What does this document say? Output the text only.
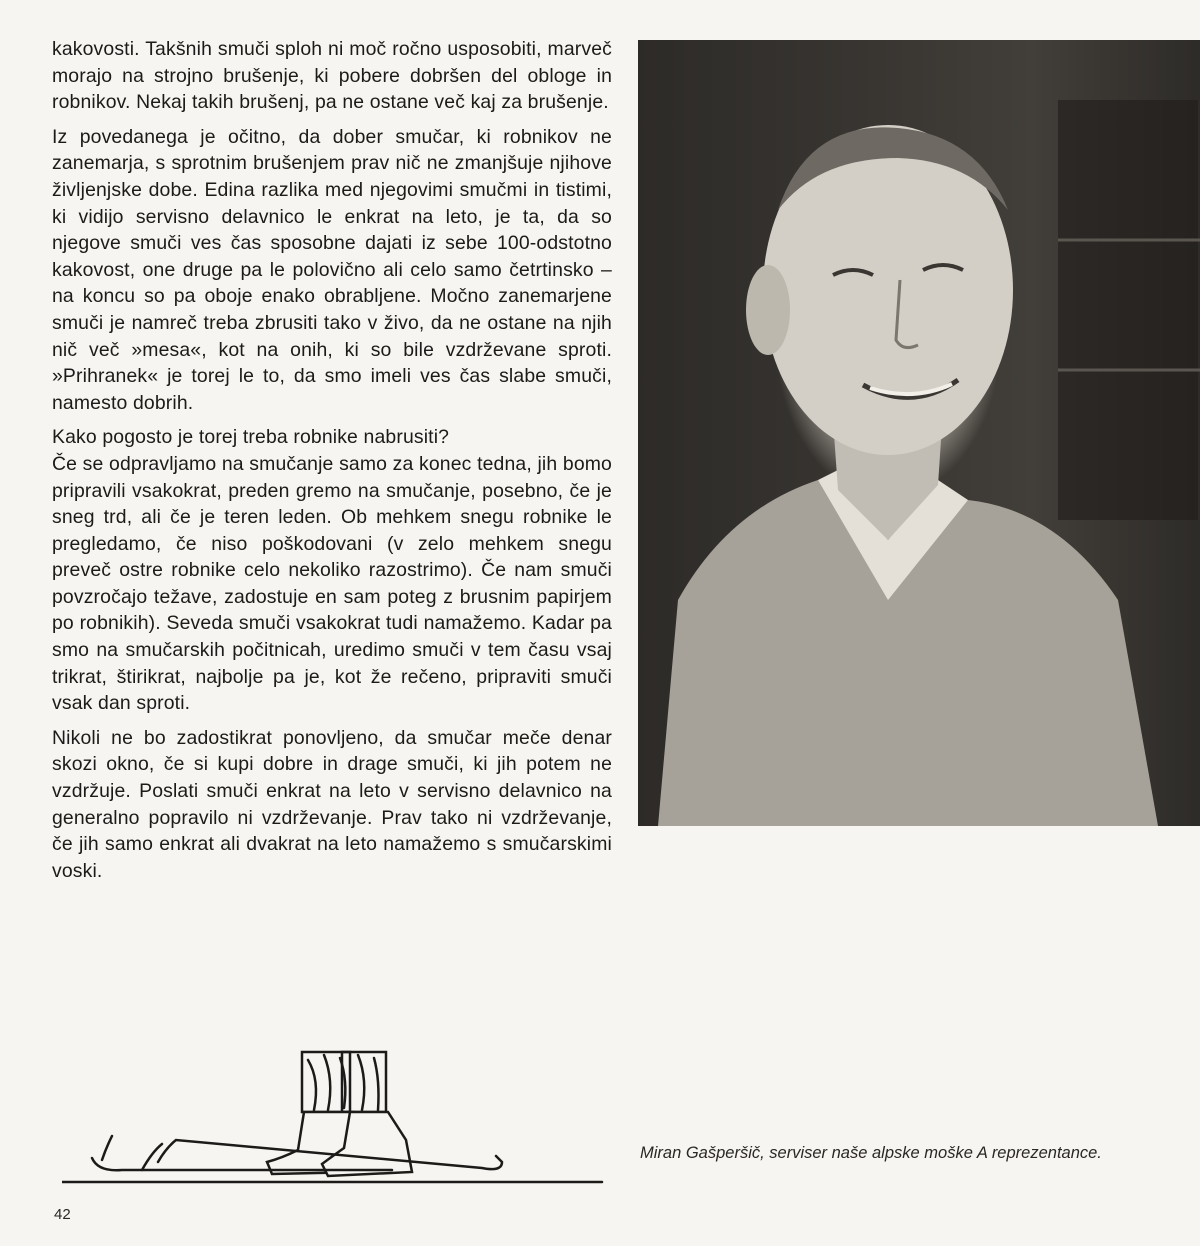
kakovosti. Takšnih smuči sploh ni moč ročno usposobiti, marveč morajo na strojno brušenje, ki pobere dobršen del obloge in robnikov. Nekaj takih brušenj, pa ne ostane več kaj za brušenje.

Iz povedanega je očitno, da dober smučar, ki robnikov ne zanemarja, s sprotnim brušenjem prav nič ne zmanjšuje njihove življenjske dobe. Edina razlika med njegovimi smučmi in tistimi, ki vidijo servisno delavnico le enkrat na leto, je ta, da so njegove smuči ves čas sposobne dajati iz sebe 100-odstotno kakovost, one druge pa le polovično ali celo samo četrtinsko – na koncu so pa oboje enako obrabljene. Močno zanemarjene smuči je namreč treba zbrusiti tako v živo, da ne ostane na njih nič več »mesa«, kot na onih, ki so bile vzdrževane sproti. »Prihranek« je torej le to, da smo imeli ves čas slabe smuči, namesto dobrih.

Kako pogosto je torej treba robnike nabrusiti?

Če se odpravljamo na smučanje samo za konec tedna, jih bomo pripravili vsakokrat, preden gremo na smučanje, posebno, če je sneg trd, ali če je teren leden. Ob mehkem snegu robnike le pregledamo, če niso poškodovani (v zelo mehkem snegu preveč ostre robnike celo nekoliko razostrimo). Če nam smuči povzročajo težave, zadostuje en sam poteg z brusnim papirjem po robnikih). Seveda smuči vsakokrat tudi namažemo. Kadar pa smo na smučarskih počitnicah, uredimo smuči v tem času vsaj trikrat, štirikrat, najbolje pa je, kot že rečeno, pripraviti smuči vsak dan sproti.

Nikoli ne bo zadostikrat ponovljeno, da smučar meče denar skozi okno, če si kupi dobre in drage smuči, ki jih potem ne vzdržuje. Poslati smuči enkrat na leto v servisno delavnico na generalno popravilo ni vzdrževanje. Prav tako ni vzdrževanje, če jih samo enkrat ali dvakrat na leto namažemo s smučarskimi voski.

Miran Gašperšič, serviser naše alpske moške A reprezentance.
42
